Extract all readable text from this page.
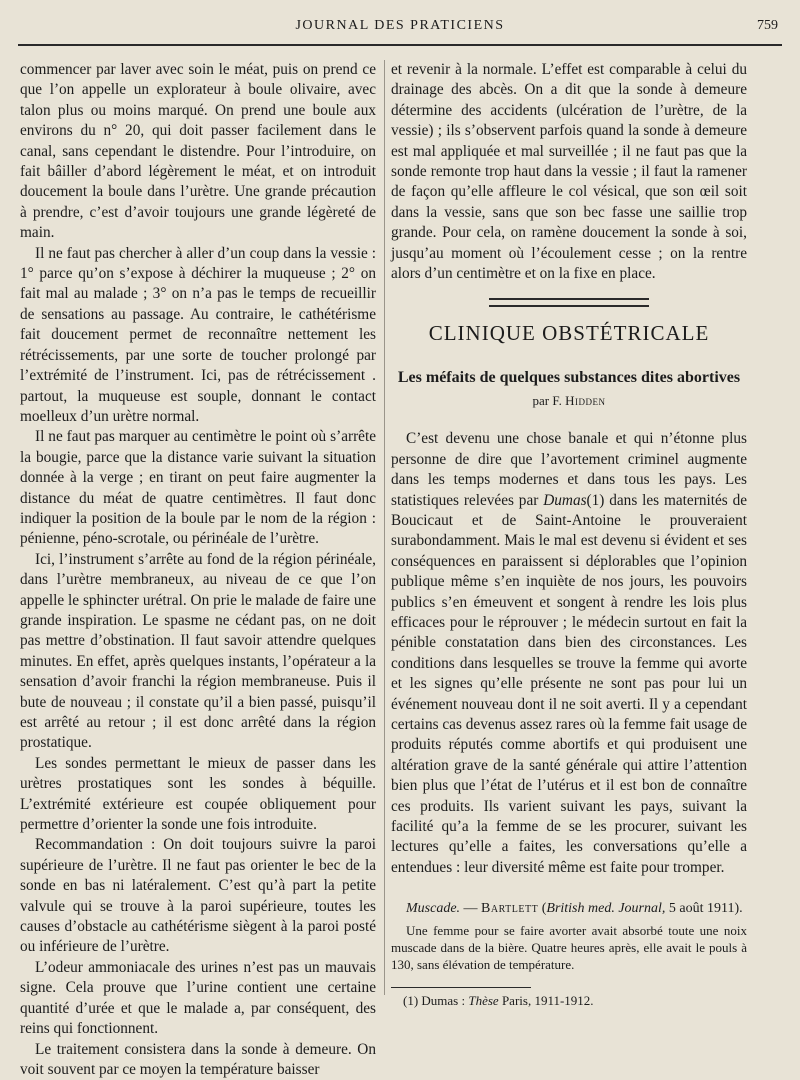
JOURNAL DES PRATICIENS	759

commencer par laver avec soin le méat, puis on prend ce que l’on appelle un explorateur à boule olivaire, avec talon plus ou moins marqué. On prend une boule aux environs du n° 20, qui doit passer facilement dans le canal, sans cependant le distendre. Pour l’introduire, on fait bâiller d’abord légèrement le méat, et on introduit doucement la boule dans l’urètre. Une grande précaution à prendre, c’est d’avoir toujours une grande légèreté de main.

Il ne faut pas chercher à aller d’un coup dans la vessie : 1° parce qu’on s’expose à déchirer la muqueuse ; 2° on fait mal au malade ; 3° on n’a pas le temps de recueillir de sensations au passage. Au contraire, le cathétérisme fait doucement permet de reconnaître nettement les rétrécissements, par une sorte de toucher prolongé par l’extrémité de l’instrument. Ici, pas de rétrécissement . partout, la muqueuse est souple, donnant le contact moelleux d’un urètre normal.

Il ne faut pas marquer au centimètre le point où s’arrête la bougie, parce que la distance varie suivant la situation donnée à la verge ; en tirant on peut faire augmenter la distance du méat de quatre centimètres. Il faut donc indiquer la position de la boule par le nom de la région : pénienne, péno-scrotale, ou périnéale de l’urètre.

Ici, l’instrument s’arrête au fond de la région périnéale, dans l’urètre membraneux, au niveau de ce que l’on appelle le sphincter urétral. On prie le malade de faire une grande inspiration. Le spasme ne cédant pas, on ne doit pas mettre d’obstination. Il faut savoir attendre quelques minutes. En effet, après quelques instants, l’opérateur a la sensation d’avoir franchi la région membraneuse. Puis il bute de nouveau ; il constate qu’il a bien passé, puisqu’il est arrêté au retour ; il est donc arrêté dans la région prostatique.

Les sondes permettant le mieux de passer dans les urètres prostatiques sont les sondes à béquille. L’extrémité extérieure est coupée obliquement pour permettre d’orienter la sonde une fois introduite.

Recommandation : On doit toujours suivre la paroi supérieure de l’urètre. Il ne faut pas orienter le bec de la sonde en bas ni latéralement. C’est qu’à part la petite valvule qui se trouve à la paroi supérieure, toutes les causes d’obstacle au cathétérisme siègent à la paroi posté ou inférieure de l’urètre.

L’odeur ammoniacale des urines n’est pas un mauvais signe. Cela prouve que l’urine contient une certaine quantité d’urée et que le malade a, par conséquent, des reins qui fonctionnent.

Le traitement consistera dans la sonde à demeure. On voit souvent par ce moyen la température baisser

et revenir à la normale. L’effet est comparable à celui du drainage des abcès. On a dit que la sonde à demeure détermine des accidents (ulcération de l’urètre, de la vessie) ; ils s’observent parfois quand la sonde à demeure est mal appliquée et mal surveillée ; il ne faut pas que la sonde remonte trop haut dans la vessie ; il faut la ramener de façon qu’elle affleure le col vésical, que son œil soit dans la vessie, sans que son bec fasse une saillie trop grande. Pour cela, on ramène doucement la sonde à soi, jusqu’au moment où l’écoulement cesse ; on la rentre alors d’un centimètre et on la fixe en place.

CLINIQUE OBSTÉTRICALE
Les méfaits de quelques substances dites abortives
par F. Hidden

C’est devenu une chose banale et qui n’étonne plus personne de dire que l’avortement criminel augmente dans les temps modernes et dans tous les pays. Les statistiques relevées par Dumas(1) dans les maternités de Boucicaut et de Saint-Antoine le prouveraient surabondamment. Mais le mal est devenu si évident et ses conséquences en paraissent si déplorables que l’opinion publique même s’en inquiète de nos jours, les pouvoirs publics s’en émeuvent et songent à rendre les lois plus efficaces pour le réprouver ; le médecin surtout en fait la pénible constatation dans bien des circonstances. Les conditions dans lesquelles se trouve la femme qui avorte et les signes qu’elle présente ne sont pas pour lui un événement nouveau dont il ne soit averti. Il y a cependant certains cas devenus assez rares où la femme fait usage de produits réputés comme abortifs et qui produisent une altération grave de la santé générale qui attire l’attention bien plus que l’état de l’utérus et il est bon de connaître ces produits. Ils varient suivant les pays, suivant la facilité qu’a la femme de se les procurer, suivant les lectures qu’elle a faites, les conversations qu’elle a entendues : leur diversité même est faite pour tromper.

Muscade. — Bartlett (British med. Journal, 5 août 1911).
Une femme pour se faire avorter avait absorbé toute une noix muscade dans de la bière. Quatre heures après, elle avait le pouls à 130, sans élévation de température.
(1) Dumas : Thèse Paris, 1911-1912.
